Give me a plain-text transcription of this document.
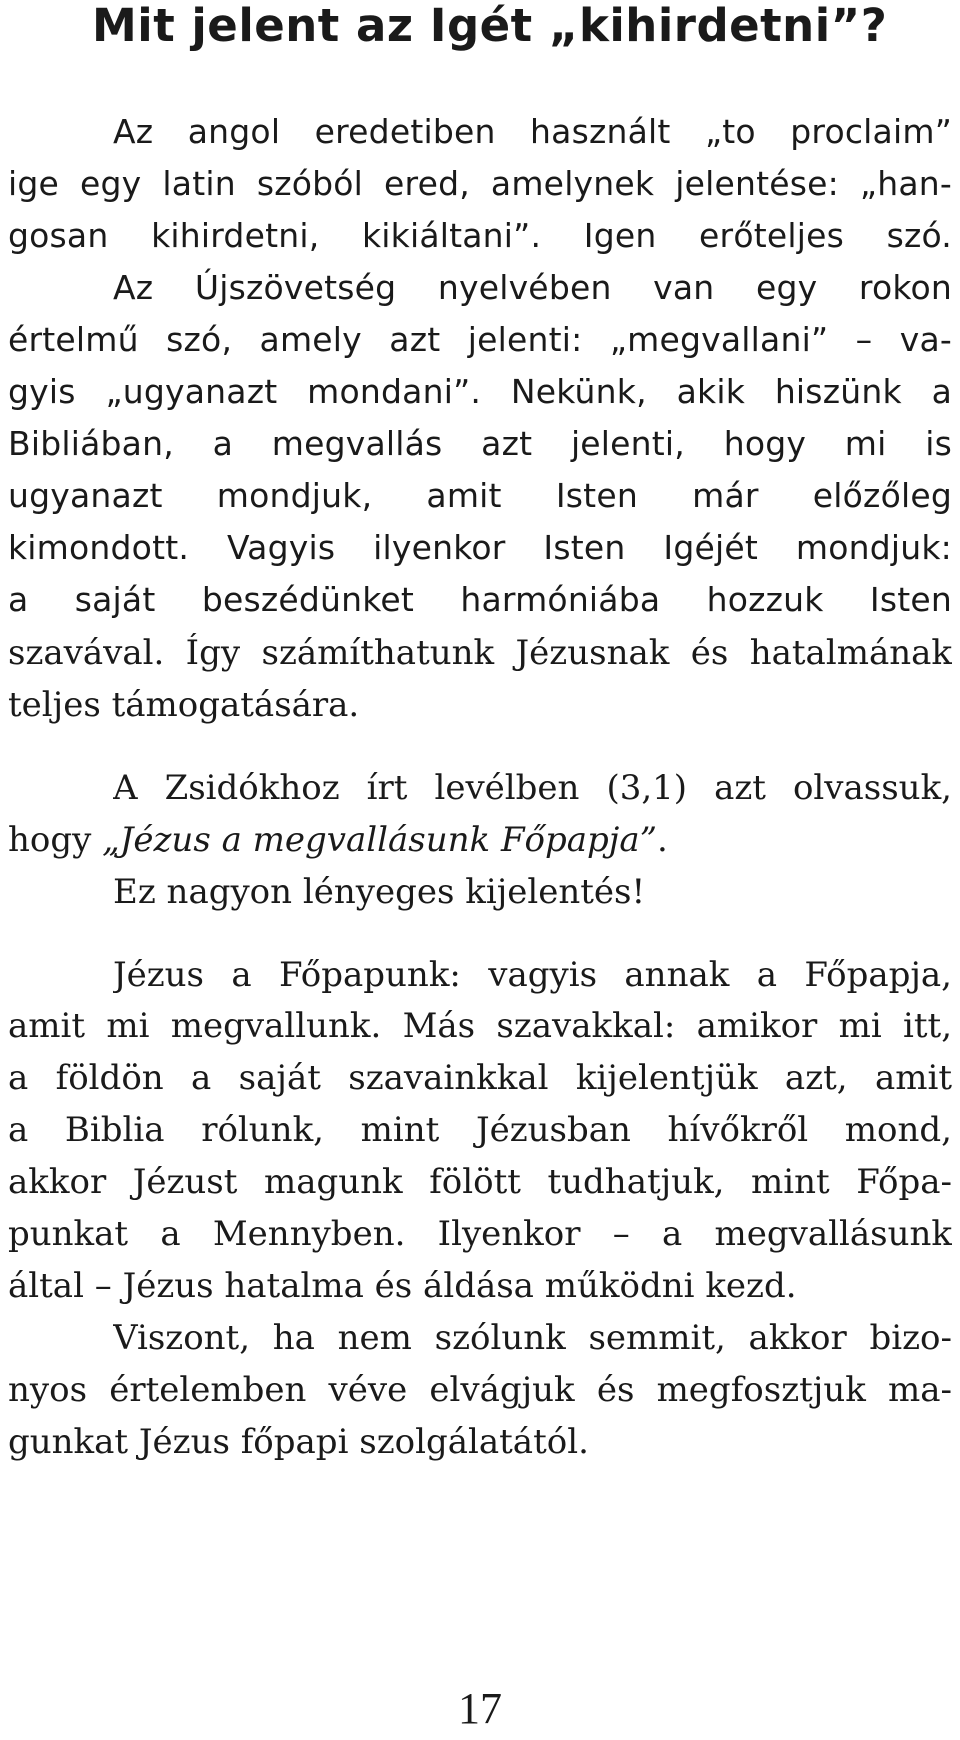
Mit jelent az Igét „kihirdetni”?

Az angol eredetiben használt „to proclaim”

ige egy latin szóból ered, amelynek jelentése: „han-

gosan kihirdetni, kikiáltani”. Igen erőteljes szó.

Az Újszövetség nyelvében van egy rokon

értelmű szó, amely azt jelenti: „megvallani” – va-

gyis „ugyanazt mondani”. Nekünk, akik hiszünk a

Bibliában, a megvallás azt jelenti, hogy mi is

ugyanazt mondjuk, amit Isten már előzőleg

kimondott. Vagyis ilyenkor Isten Igéjét mondjuk:

a saját beszédünket harmóniába hozzuk Isten

szavával. Így számíthatunk Jézusnak és hatalmának

teljes támogatására.

A Zsidókhoz írt levélben (3,1) azt olvassuk,

hogy „Jézus a megvallásunk Főpapja”.

Ez nagyon lényeges kijelentés!

Jézus a Főpapunk: vagyis annak a Főpapja,

amit mi megvallunk. Más szavakkal: amikor mi itt,

a földön a saját szavainkkal kijelentjük azt, amit

a Biblia rólunk, mint Jézusban hívőkről mond,

akkor Jézust magunk fölött tudhatjuk, mint Főpa-

punkat a Mennyben. Ilyenkor – a megvallásunk

által – Jézus hatalma és áldása működni kezd.

Viszont, ha nem szólunk semmit, akkor bizo-

nyos értelemben véve elvágjuk és megfosztjuk ma-

gunkat Jézus főpapi szolgálatától.

17
